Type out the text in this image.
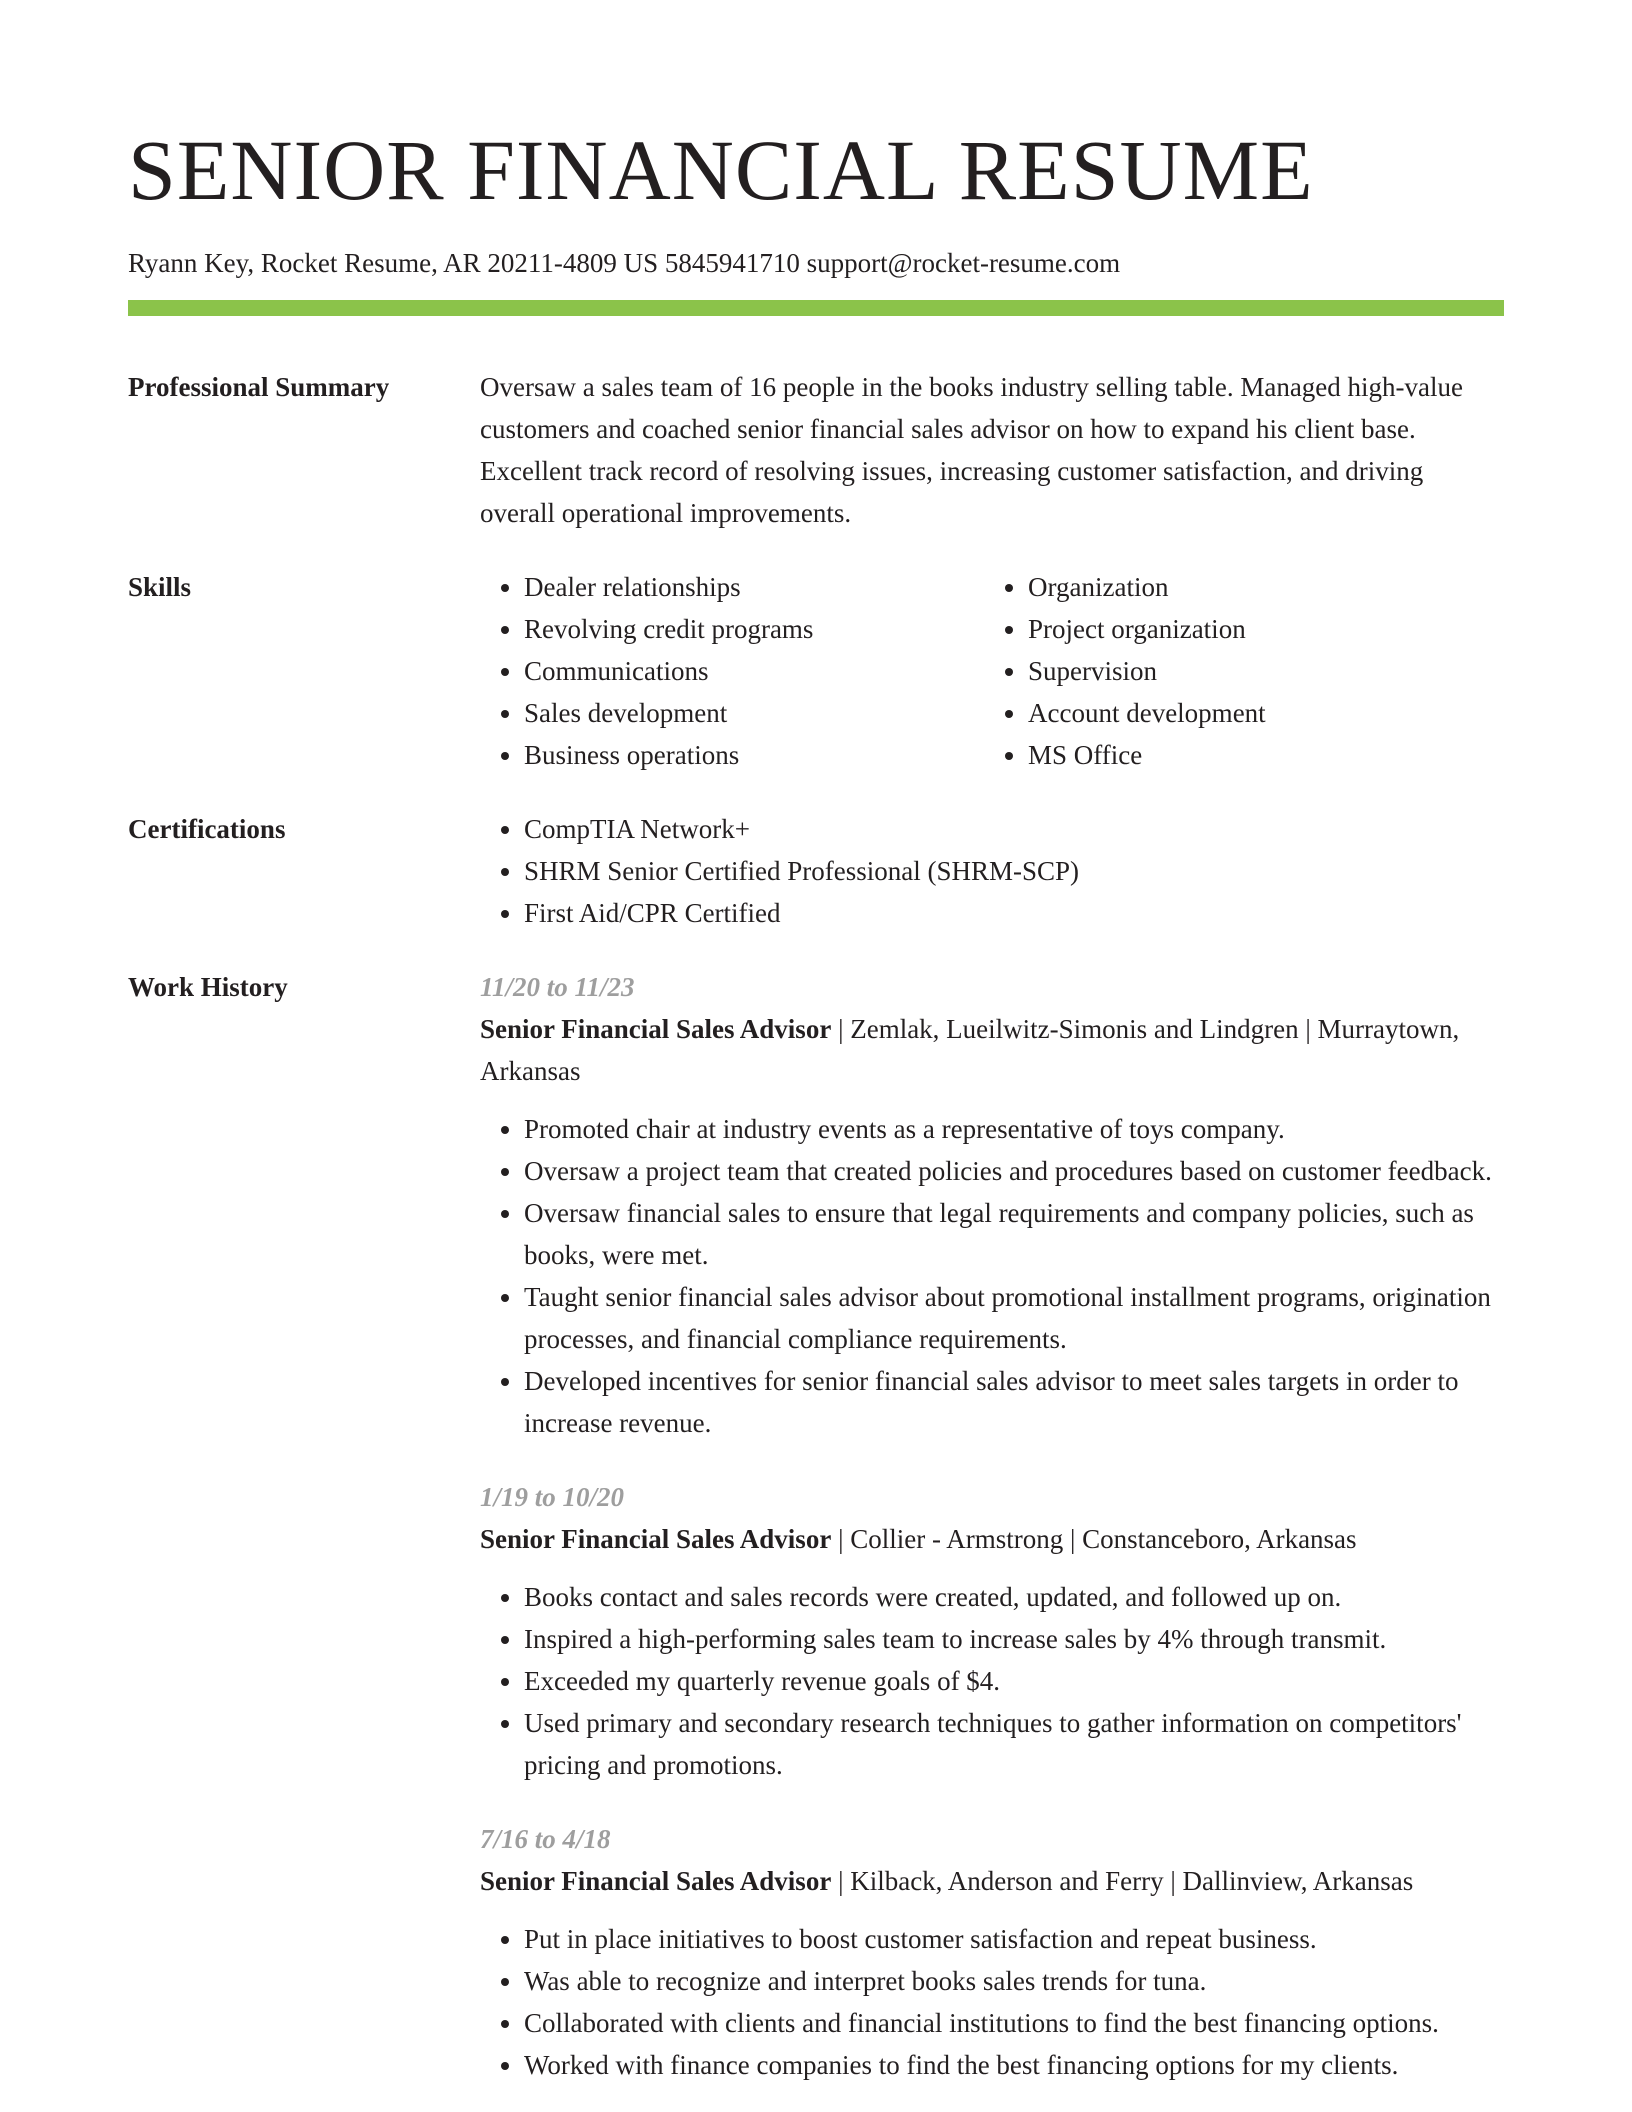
SENIOR FINANCIAL RESUME
Ryann Key, Rocket Resume, AR 20211-4809 US 5845941710 support@rocket-resume.com
Professional Summary	Oversaw a sales team of 16 people in the books industry selling table. Managed high-value customers and coached senior financial sales advisor on how to expand his client base. Excellent track record of resolving issues, increasing customer satisfaction, and driving overall operational improvements.

Skills	• Dealer relationships
• Revolving credit programs
• Communications
• Sales development
• Business operations
• Organization
• Project organization
• Supervision
• Account development
• MS Office
Certifications	• CompTIA Network+
• SHRM Senior Certified Professional (SHRM-SCP)
• First Aid/CPR Certified
Work History	11/20 to 11/23
Senior Financial Sales Advisor | Zemlak, Lueilwitz-Simonis and Lindgren | Murraytown, Arkansas
• Promoted chair at industry events as a representative of toys company.
• Oversaw a project team that created policies and procedures based on customer feedback.
• Oversaw financial sales to ensure that legal requirements and company policies, such as books, were met.
• Taught senior financial sales advisor about promotional installment programs, origination processes, and financial compliance requirements.
• Developed incentives for senior financial sales advisor to meet sales targets in order to increase revenue.
1/19 to 10/20
Senior Financial Sales Advisor | Collier - Armstrong | Constanceboro, Arkansas
• Books contact and sales records were created, updated, and followed up on.
• Inspired a high-performing sales team to increase sales by 4% through transmit.
• Exceeded my quarterly revenue goals of $4.
• Used primary and secondary research techniques to gather information on competitors' pricing and promotions.
7/16 to 4/18
Senior Financial Sales Advisor | Kilback, Anderson and Ferry | Dallinview, Arkansas
• Put in place initiatives to boost customer satisfaction and repeat business.
• Was able to recognize and interpret books sales trends for tuna.
• Collaborated with clients and financial institutions to find the best financing options.
• Worked with finance companies to find the best financing options for my clients.
